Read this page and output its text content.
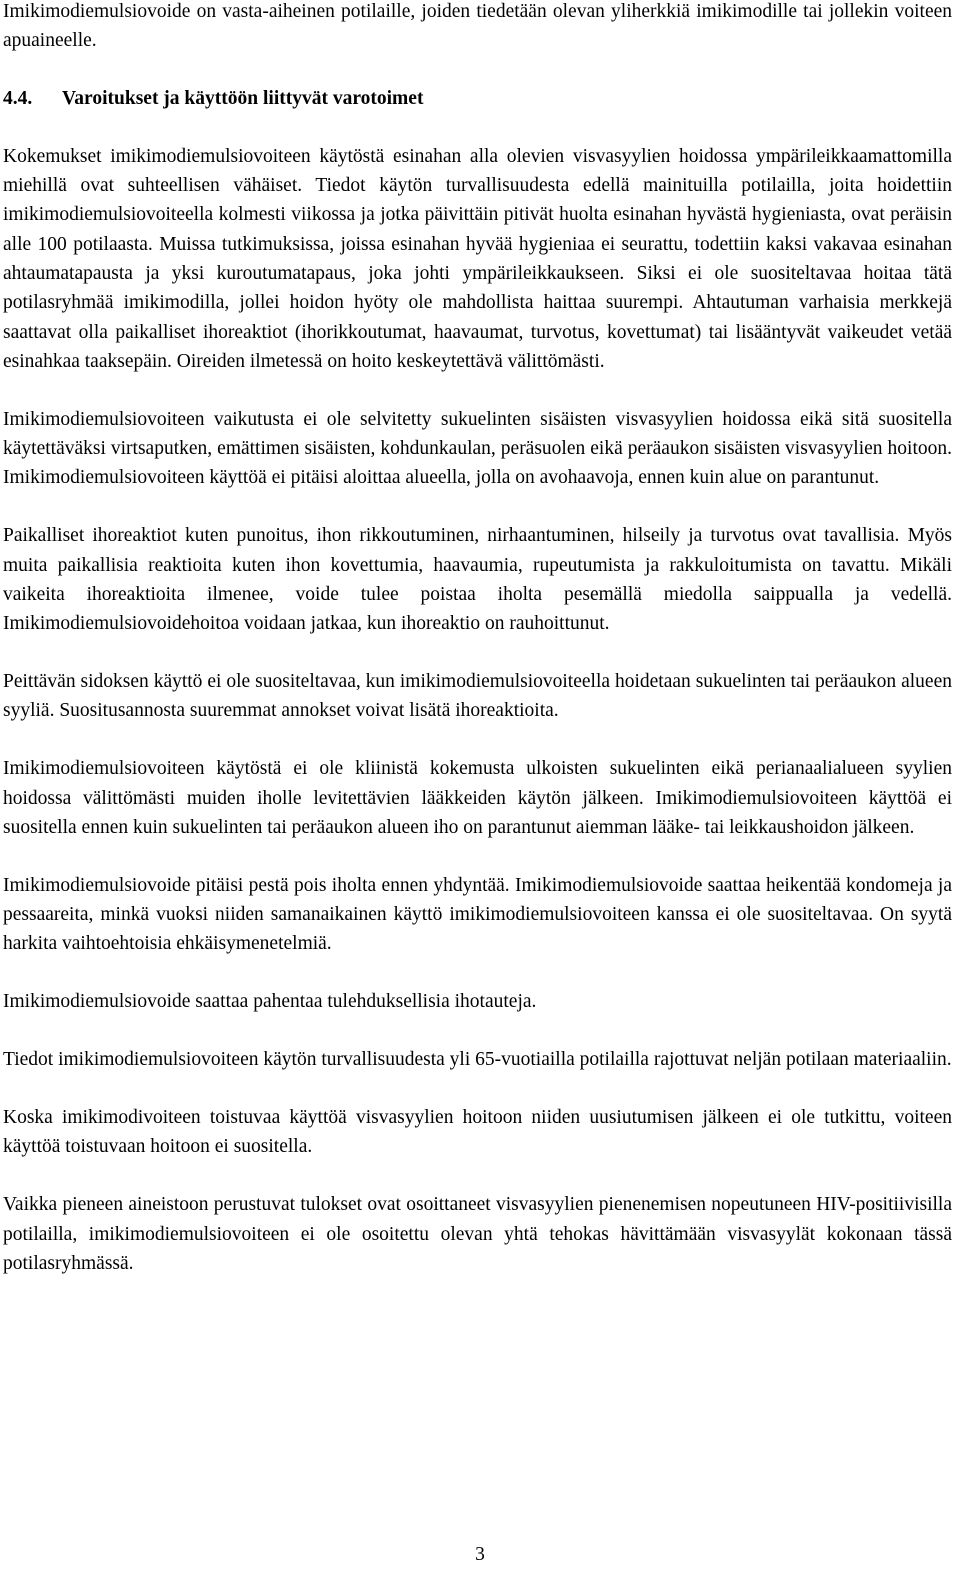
Imikimodiemulsiovoide on vasta-aiheinen potilaille, joiden tiedetään olevan yliherkkiä imikimodille tai jollekin voiteen apuaineelle.

4.4. Varoitukset ja käyttöön liittyvät varotoimet

Kokemukset imikimodiemulsiovoiteen käytöstä esinahan alla olevien visvasyylien hoidossa ympärileikkaamattomilla miehillä ovat suhteellisen vähäiset. Tiedot käytön turvallisuudesta edellä mainituilla potilailla, joita hoidettiin imikimodiemulsiovoiteella kolmesti viikossa ja jotka päivittäin pitivät huolta esinahan hyvästä hygieniasta, ovat peräisin alle 100 potilaasta. Muissa tutkimuksissa, joissa esinahan hyvää hygieniaa ei seurattu, todettiin kaksi vakavaa esinahan ahtaumatapausta ja yksi kuroutumatapaus, joka johti ympärileikkaukseen. Siksi ei ole suositeltavaa hoitaa tätä potilasryhmää imikimodilla, jollei hoidon hyöty ole mahdollista haittaa suurempi. Ahtautuman varhaisia merkkejä saattavat olla paikalliset ihoreaktiot (ihorikkoutumat, haavaumat, turvotus, kovettumat) tai lisääntyvät vaikeudet vetää esinahkaa taaksepäin. Oireiden ilmetessä on hoito keskeytettävä välittömästi.

Imikimodiemulsiovoiteen vaikutusta ei ole selvitetty sukuelinten sisäisten visvasyylien hoidossa eikä sitä suositella käytettäväksi virtsaputken, emättimen sisäisten, kohdunkaulan, peräsuolen eikä peräaukon sisäisten visvasyylien hoitoon. Imikimodiemulsiovoiteen käyttöä ei pitäisi aloittaa alueella, jolla on avohaavoja, ennen kuin alue on parantunut.

Paikalliset ihoreaktiot kuten punoitus, ihon rikkoutuminen, nirhaantuminen, hilseily ja turvotus ovat tavallisia. Myös muita paikallisia reaktioita kuten ihon kovettumia, haavaumia, rupeutumista ja rakkuloitumista on tavattu. Mikäli vaikeita ihoreaktioita ilmenee, voide tulee poistaa iholta pesemällä miedolla saippualla ja vedellä. Imikimodiemulsiovoidehoitoa voidaan jatkaa, kun ihoreaktio on rauhoittunut.

Peittävän sidoksen käyttö ei ole suositeltavaa, kun imikimodiemulsiovoiteella hoidetaan sukuelinten tai peräaukon alueen syyliä. Suositusannosta suuremmat annokset voivat lisätä ihoreaktioita.

Imikimodiemulsiovoiteen käytöstä ei ole kliinistä kokemusta ulkoisten sukuelinten eikä perianaalialueen syylien hoidossa välittömästi muiden iholle levitettävien lääkkeiden käytön jälkeen. Imikimodiemulsiovoiteen käyttöä ei suositella ennen kuin sukuelinten tai peräaukon alueen iho on parantunut aiemman lääke- tai leikkaushoidon jälkeen.

Imikimodiemulsiovoide pitäisi pestä pois iholta ennen yhdyntää. Imikimodiemulsiovoide saattaa heikentää kondomeja ja pessaareita, minkä vuoksi niiden samanaikainen käyttö imikimodiemulsiovoiteen kanssa ei ole suositeltavaa. On syytä harkita vaihtoehtoisia ehkäisymenetelmiä.

Imikimodiemulsiovoide saattaa pahentaa tulehduksellisia ihotauteja.

Tiedot imikimodiemulsiovoiteen käytön turvallisuudesta yli 65-vuotiailla potilailla rajottuvat neljän potilaan materiaaliin.

Koska imikimodivoiteen toistuvaa käyttöä visvasyylien hoitoon niiden uusiutumisen jälkeen ei ole tutkittu, voiteen käyttöä toistuvaan hoitoon ei suositella.

Vaikka pieneen aineistoon perustuvat tulokset ovat osoittaneet visvasyylien pienenemisen nopeutuneen HIV-positiivisilla potilailla, imikimodiemulsiovoiteen ei ole osoitettu olevan yhtä tehokas hävittämään visvasyylät kokonaan tässä potilasryhmässä.

3
